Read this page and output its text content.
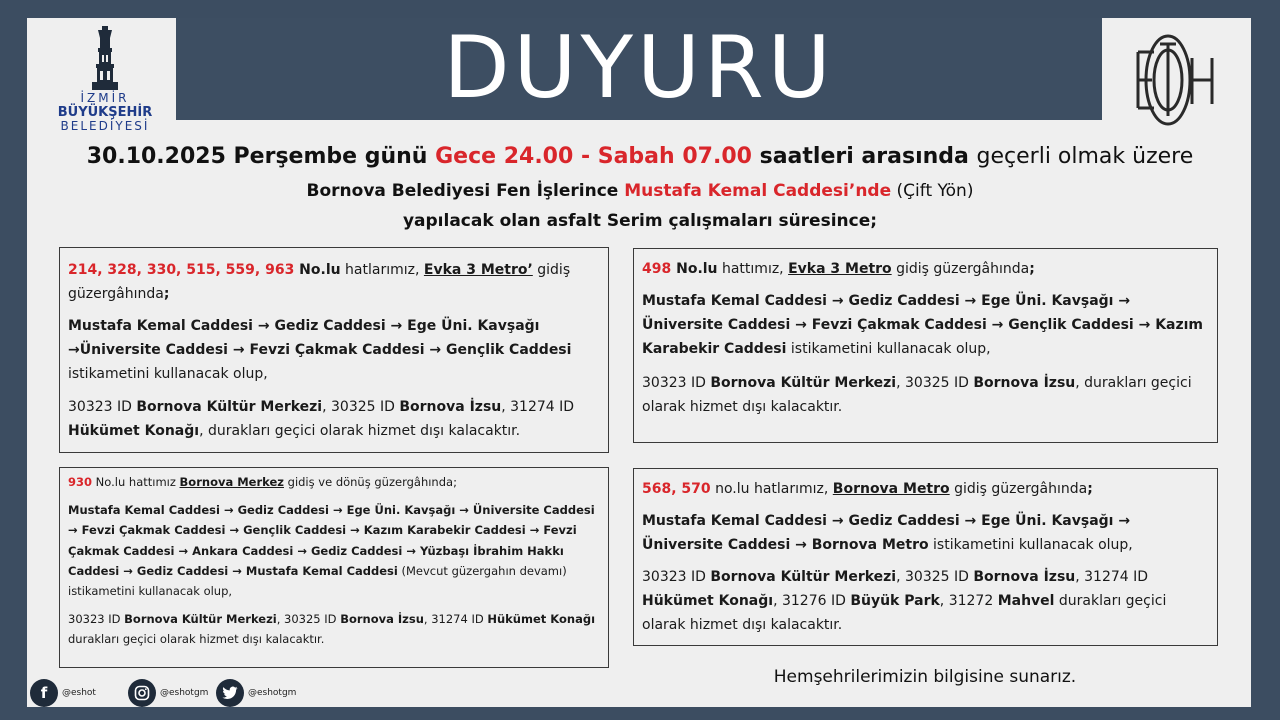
DUYURU
İZMİR
BÜYÜKŞEHİR
BELEDİYESİ
30.10.2025 Perşembe günü Gece 24.00 - Sabah 07.00 saatleri arasında geçerli olmak üzere
Bornova Belediyesi Fen İşlerince Mustafa Kemal Caddesi’nde (Çift Yön)
yapılacak olan asfalt Serim çalışmaları süresince;

214, 328, 330, 515, 559, 963 No.lu hatlarımız, Evka 3 Metro’ gidiş güzergâhında;

Mustafa Kemal Caddesi → Gediz Caddesi → Ege Üni. Kavşağı →Üniversite Caddesi → Fevzi Çakmak Caddesi → Gençlik Caddesi istikametini kullanacak olup,

30323 ID Bornova Kültür Merkezi, 30325 ID Bornova İzsu, 31274 ID Hükümet Konağı, durakları geçici olarak hizmet dışı kalacaktır.

498 No.lu hattımız, Evka 3 Metro gidiş güzergâhında;

Mustafa Kemal Caddesi → Gediz Caddesi → Ege Üni. Kavşağı → Üniversite Caddesi → Fevzi Çakmak Caddesi → Gençlik Caddesi → Kazım Karabekir Caddesi istikametini kullanacak olup,

30323 ID Bornova Kültür Merkezi, 30325 ID Bornova İzsu, durakları geçici olarak hizmet dışı kalacaktır.

930 No.lu hattımız Bornova Merkez gidiş ve dönüş güzergâhında;

Mustafa Kemal Caddesi → Gediz Caddesi → Ege Üni. Kavşağı → Üniversite Caddesi → Fevzi Çakmak Caddesi → Gençlik Caddesi → Kazım Karabekir Caddesi → Fevzi Çakmak Caddesi → Ankara Caddesi → Gediz Caddesi → Yüzbaşı İbrahim Hakkı Caddesi → Gediz Caddesi → Mustafa Kemal Caddesi (Mevcut güzergahın devamı) istikametini kullanacak olup,

30323 ID Bornova Kültür Merkezi, 30325 ID Bornova İzsu, 31274 ID Hükümet Konağı durakları geçici olarak hizmet dışı kalacaktır.

568, 570 no.lu hatlarımız, Bornova Metro gidiş güzergâhında;

Mustafa Kemal Caddesi → Gediz Caddesi → Ege Üni. Kavşağı → Üniversite Caddesi → Bornova Metro istikametini kullanacak olup,

30323 ID Bornova Kültür Merkezi, 30325 ID Bornova İzsu, 31274 ID Hükümet Konağı, 31276 ID Büyük Park, 31272 Mahvel durakları geçici olarak hizmet dışı kalacaktır.

Hemşehrilerimizin bilgisine sunarız.
f	@eshot	@eshotgm	@eshotgm
